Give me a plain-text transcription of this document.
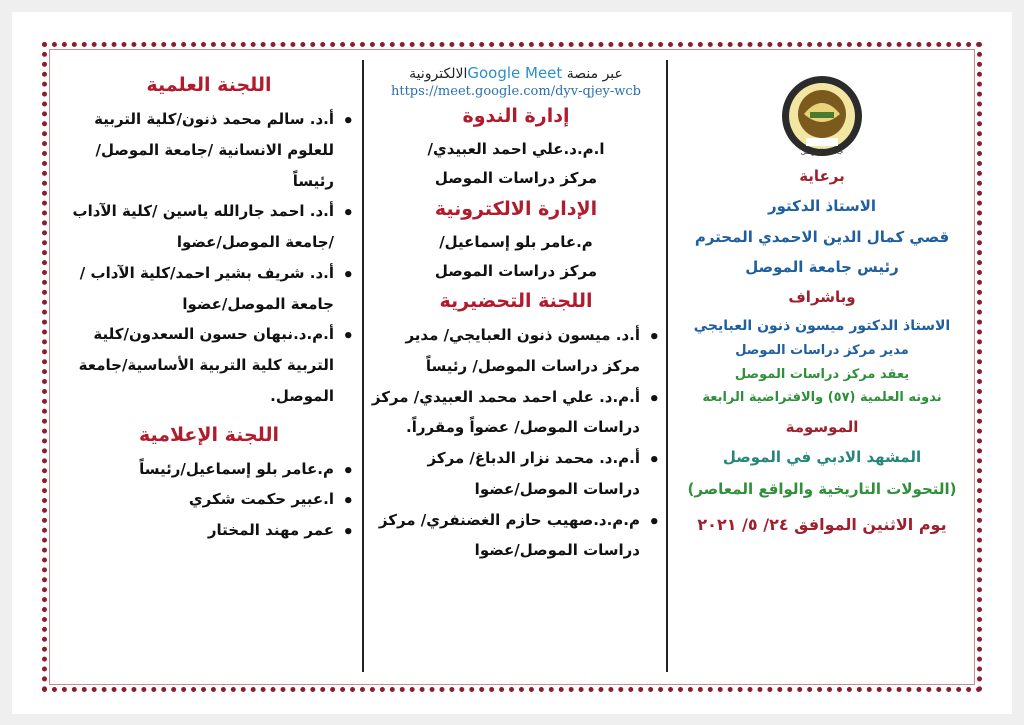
جامعة الموصل
برعاية
الاستاذ الدكتور
قصي كمال الدين الاحمدي المحترم
رئيس جامعة الموصل
وباشراف
الاستاذ الدكتور ميسون ذنون العبايجي
مدير مركز دراسات الموصل
يعقد مركز دراسات الموصل
ندوته العلمية (٥٧) والافتراضية الرابعة
الموسومة
المشهد الادبي في الموصل
(التحولات التاريخية والواقع المعاصر)
يوم الاثنين الموافق ٢٤/ ٥/ ٢٠٢١
عبر منصة Google Meetالالكترونية
https://meet.google.com/dyv-qjey-wcb
إدارة الندوة
ا.م.د.علي احمد العبيدي/
مركز دراسات الموصل
الإدارة الالكترونية
م.عامر بلو إسماعيل/
مركز دراسات الموصل
اللجنة التحضيرية
• أ.د. ميسون ذنون العبايجي/ مدير مركز دراسات الموصل/ رئيساً
• أ.م.د. علي احمد محمد العبيدي/ مركز دراسات الموصل/ عضواً ومقرراً.
• أ.م.د. محمد نزار الدباغ/ مركز دراسات الموصل/عضوا
• م.م.د.صهيب حازم الغضنفري/ مركز دراسات الموصل/عضوا
اللجنة العلمية
• أ.د. سالم محمد ذنون/كلية التربية للعلوم الانسانية /جامعة الموصل/ رئيساً
• أ.د. احمد جارالله ياسين /كلية الآداب /جامعة الموصل/عضوا
• أ.د. شريف بشير احمد/كلية الآداب /جامعة الموصل/عضوا
• أ.م.د.نبهان حسون السعدون/كلية التربية كلية التربية الأساسية/جامعة الموصل.
اللجنة الإعلامية
• م.عامر بلو إسماعيل/رئيساً
• ا.عبير حكمت شكري
• عمر مهند المختار
